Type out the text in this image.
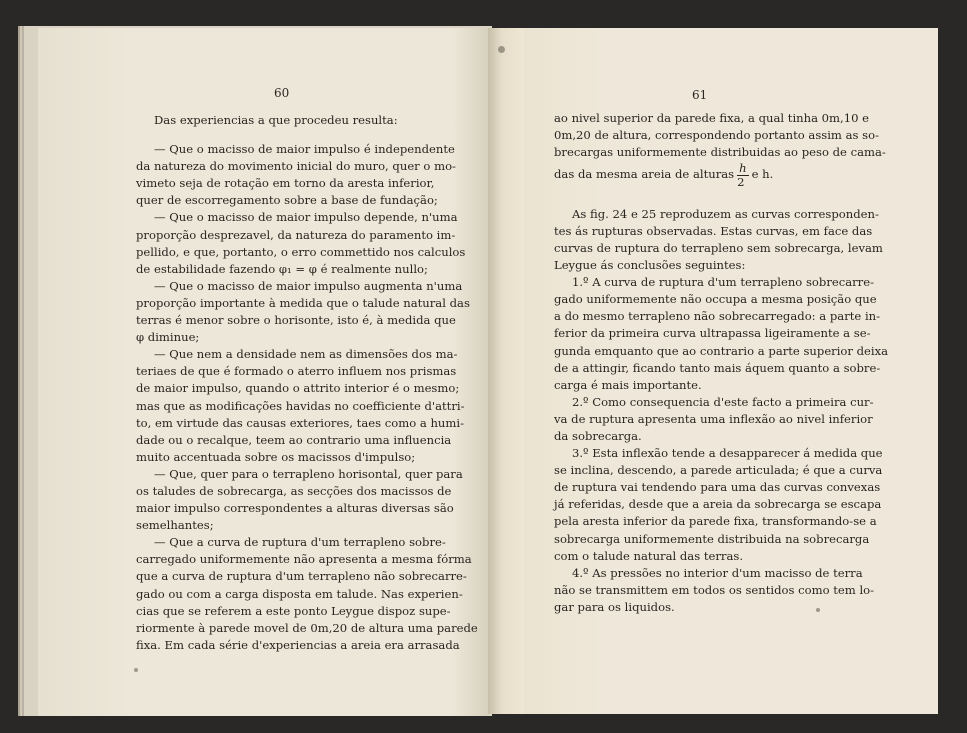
60
Das experiencias a que procedeu resulta:
— Que o macisso de maior impulso é independente
da natureza do movimento inicial do muro, quer o mo-
vimeto seja de rotação em torno da aresta inferior,
quer de escorregamento sobre a base de fundação;
— Que o macisso de maior impulso depende, n'uma
proporção desprezavel, da natureza do paramento im-
pellido, e que, portanto, o erro commettido nos calculos
de estabilidade fazendo φ₁ = φ é realmente nullo;
— Que o macisso de maior impulso augmenta n'uma
proporção importante à medida que o talude natural das
terras é menor sobre o horisonte, isto é, à medida que
φ diminue;
— Que nem a densidade nem as dimensões dos ma-
teriaes de que é formado o aterro influem nos prismas
de maior impulso, quando o attrito interior é o mesmo;
mas que as modificações havidas no coefficiente d'attri-
to, em virtude das causas exteriores, taes como a humi-
dade ou o recalque, teem ao contrario uma influencia
muito accentuada sobre os macissos d'impulso;
— Que, quer para o terrapleno horisontal, quer para
os taludes de sobrecarga, as secções dos macissos de
maior impulso correspondentes a alturas diversas são
semelhantes;
— Que a curva de ruptura d'um terrapleno sobre-
carregado uniformemente não apresenta a mesma fórma
que a curva de ruptura d'um terrapleno não sobrecarre-
gado ou com a carga disposta em talude. Nas experien-
cias que se referem a este ponto Leygue dispoz supe-
riormente à parede movel de 0m,20 de altura uma parede
fixa. Em cada série d'experiencias a areia era arrasada
61
ao nivel superior da parede fixa, a qual tinha 0m,10 e
0m,20 de altura, correspondendo portanto assim as so-
brecargas uniformemente distribuidas ao peso de cama-
das da mesma areia de alturas $\frac{h}{2}$ e h.

As fig. 24 e 25 reproduzem as curvas corresponden-
tes ás rupturas observadas. Estas curvas, em face das
curvas de ruptura do terrapleno sem sobrecarga, levam
Leygue ás conclusões seguintes:
1.º A curva de ruptura d'um terrapleno sobrecarre-
gado uniformemente não occupa a mesma posição que
a do mesmo terrapleno não sobrecarregado: a parte in-
ferior da primeira curva ultrapassa ligeiramente a se-
gunda emquanto que ao contrario a parte superior deixa
de a attingir, ficando tanto mais áquem quanto a sobre-
carga é mais importante.
2.º Como consequencia d'este facto a primeira cur-
va de ruptura apresenta uma inflexão ao nivel inferior
da sobrecarga.
3.º Esta inflexão tende a desapparecer á medida que
se inclina, descendo, a parede articulada; é que a curva
de ruptura vai tendendo para uma das curvas convexas
já referidas, desde que a areia da sobrecarga se escapa
pela aresta inferior da parede fixa, transformando-se a
sobrecarga uniformemente distribuida na sobrecarga
com o talude natural das terras.
4.º As pressões no interior d'um macisso de terra
não se transmittem em todos os sentidos como tem lo-
gar para os liquidos.
